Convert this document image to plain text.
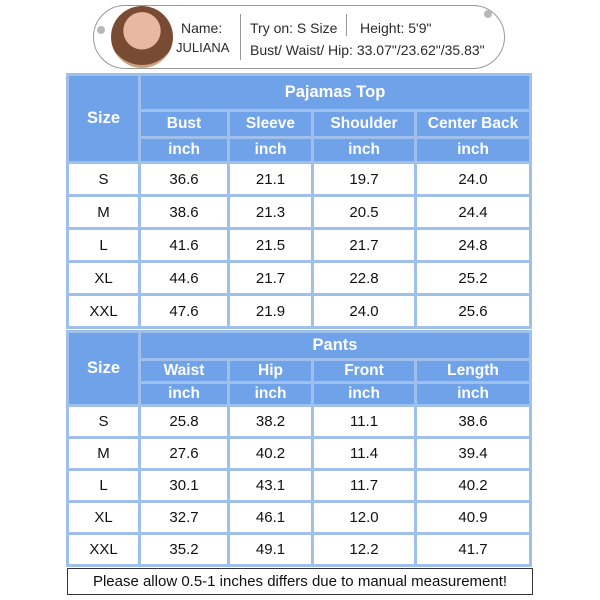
Name:
JULIANA
Try on: S Size Height: 5'9"
Bust/ Waist/ Hip: 33.07"/23.62"/35.83"
Size	Pajamas Top			
	Bust	Sleeve	Shoulder	Center Back
	inch	inch	inch	inch
S	36.6	21.1	19.7	24.0
M	38.6	21.3	20.5	24.4
L	41.6	21.5	21.7	24.8
XL	44.6	21.7	22.8	25.2
XXL	47.6	21.9	24.0	25.6
Size	Pants			
	Waist	Hip	Front	Length
	inch	inch	inch	inch
S	25.8	38.2	11.1	38.6
M	27.6	40.2	11.4	39.4
L	30.1	43.1	11.7	40.2
XL	32.7	46.1	12.0	40.9
XXL	35.2	49.1	12.2	41.7
Please allow 0.5-1 inches differs due to manual measurement!
